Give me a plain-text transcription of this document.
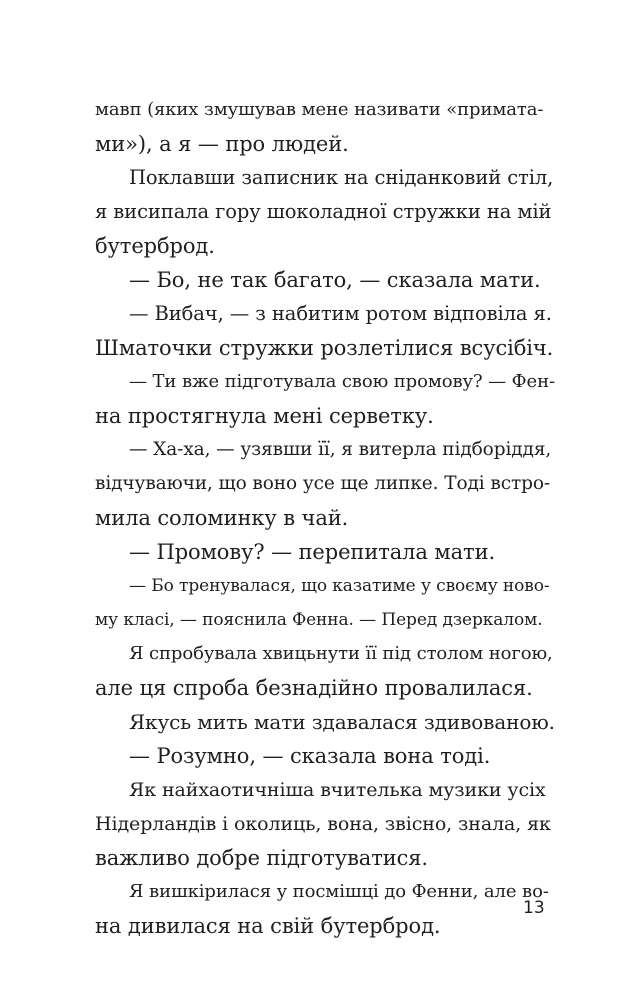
мавп (яких змушував мене називати «примата-
ми»), а я — про людей.
Поклавши записник на сніданковий стіл,
я висипала гору шоколадної стружки на мій
бутерброд.
— Бо, не так багато, — сказала мати.
— Вибач, — з набитим ротом відповіла я.
Шматочки стружки розлетілися всусібіч.
— Ти вже підготувала свою промову? — Фен-
на простягнула мені серветку.
— Ха-ха, — узявши її, я витерла підборіддя,
відчуваючи, що воно усе ще липке. Тоді встро-
мила соломинку в чай.
— Промову? — перепитала мати.
— Бо тренувалася, що казатиме у своєму ново-
му класі, — пояснила Фенна. — Перед дзеркалом.
Я спробувала хвицьнути її під столом ногою,
але ця спроба безнадійно провалилася.
Якусь мить мати здавалася здивованою.
— Розумно, — сказала вона тоді.
Як найхаотичніша вчителька музики усіх
Нідерландів і околиць, вона, звісно, знала, як
важливо добре підготуватися.
Я вишкірилася у посмішці до Фенни, але во-
на дивилася на свій бутерброд.
13
